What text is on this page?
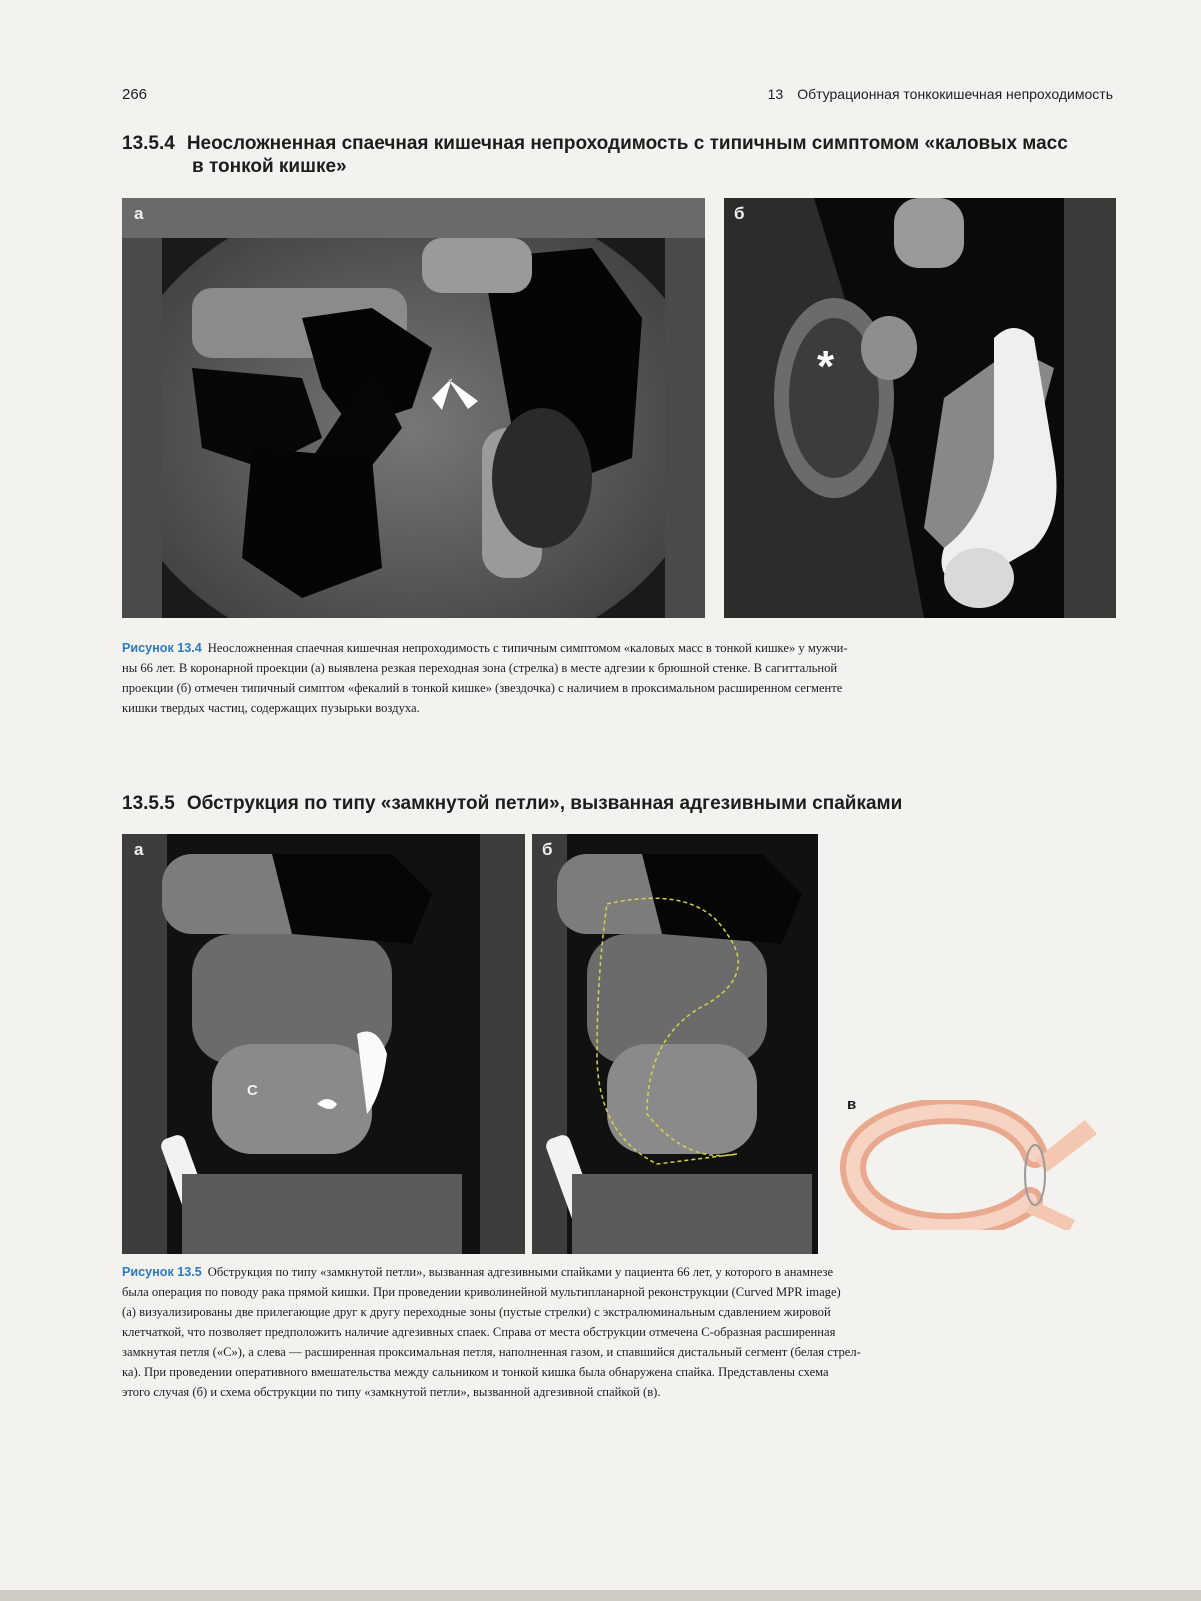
266	13 Обтурационная тонкокишечная непроходимость
13.5.4 Неосложненная спаечная кишечная непроходимость с типичным симптомом «каловых масс
в тонкой кишке»
а	б
*
Рисунок 13.4 Неосложненная спаечная кишечная непроходимость с типичным симптомом «каловых масс в тонкой кишке» у мужчи-
ны 66 лет. В коронарной проекции (а) выявлена резкая переходная зона (стрелка) в месте адгезии к брюшной стенке. В сагиттальной
проекции (б) отмечен типичный симптом «фекалий в тонкой кишке» (звездочка) с наличием в проксимальном расширенном сегменте
кишки твердых частиц, содержащих пузырьки воздуха.
13.5.5 Обструкция по типу «замкнутой петли», вызванная адгезивными спайками
а
C
б
в
Рисунок 13.5 Обструкция по типу «замкнутой петли», вызванная адгезивными спайками у пациента 66 лет, у которого в анамнезе
была операция по поводу рака прямой кишки. При проведении криволинейной мультипланарной реконструкции (Curved MPR image)
(а) визуализированы две прилегающие друг к другу переходные зоны (пустые стрелки) с экстралюминальным сдавлением жировой
клетчаткой, что позволяет предположить наличие адгезивных спаек. Справа от места обструкции отмечена С-образная расширенная
замкнутая петля («С»), а слева — расширенная проксимальная петля, наполненная газом, и спавшийся дистальный сегмент (белая стрел-
ка). При проведении оперативного вмешательства между сальником и тонкой кишка была обнаружена спайка. Представлены схема
этого случая (б) и схема обструкции по типу «замкнутой петли», вызванной адгезивной спайкой (в).
